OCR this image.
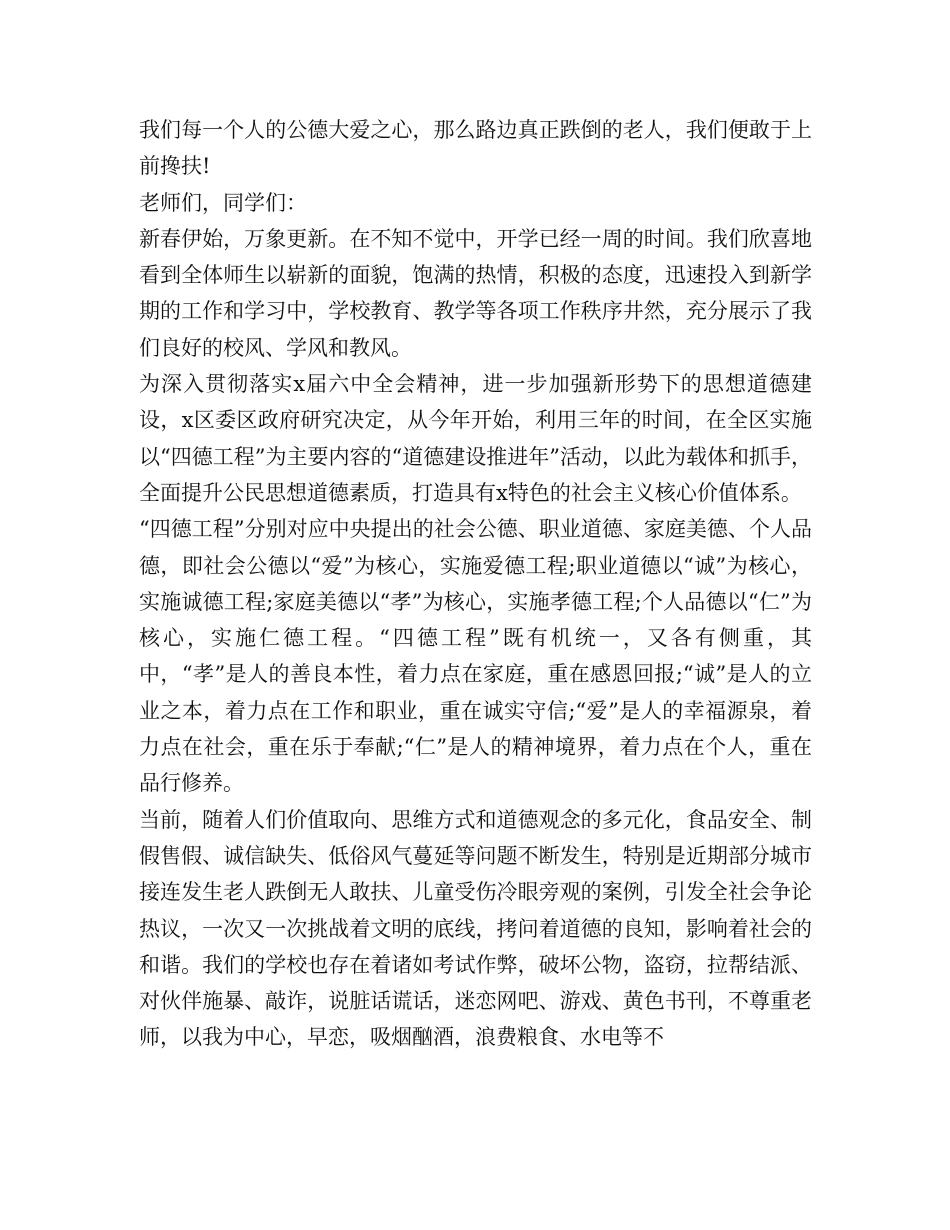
我们每一个人的公德大爱之心，那么路边真正跌倒的老人，我们便敢于上前搀扶!

老师们，同学们：

新春伊始，万象更新。在不知不觉中，开学已经一周的时间。我们欣喜地看到全体师生以崭新的面貌，饱满的热情，积极的态度，迅速投入到新学期的工作和学习中，学校教育、教学等各项工作秩序井然，充分展示了我们良好的校风、学风和教风。

为深入贯彻落实x届六中全会精神，进一步加强新形势下的思想道德建设，x区委区政府研究决定，从今年开始，利用三年的时间，在全区实施以“四德工程”为主要内容的“道德建设推进年”活动，以此为载体和抓手，全面提升公民思想道德素质，打造具有x特色的社会主义核心价值体系。

“四德工程”分别对应中央提出的社会公德、职业道德、家庭美德、个人品德，即社会公德以“爱”为核心，实施爱德工程;职业道德以“诚”为核心，实施诚德工程;家庭美德以“孝”为核心，实施孝德工程;个人品德以“仁”为核心，实施仁德工程。“四德工程”既有机统一，又各有侧重，其中，“孝”是人的善良本性，着力点在家庭，重在感恩回报;“诚”是人的立业之本，着力点在工作和职业，重在诚实守信;“爱”是人的幸福源泉，着力点在社会，重在乐于奉献;“仁”是人的精神境界，着力点在个人，重在品行修养。

当前，随着人们价值取向、思维方式和道德观念的多元化，食品安全、制假售假、诚信缺失、低俗风气蔓延等问题不断发生，特别是近期部分城市接连发生老人跌倒无人敢扶、儿童受伤冷眼旁观的案例，引发全社会争论热议，一次又一次挑战着文明的底线，拷问着道德的良知，影响着社会的和谐。我们的学校也存在着诸如考试作弊，破坏公物，盗窃，拉帮结派、对伙伴施暴、敲诈，说脏话谎话，迷恋网吧、游戏、黄色书刊，不尊重老师，以我为中心，早恋，吸烟酗酒，浪费粮食、水电等不
